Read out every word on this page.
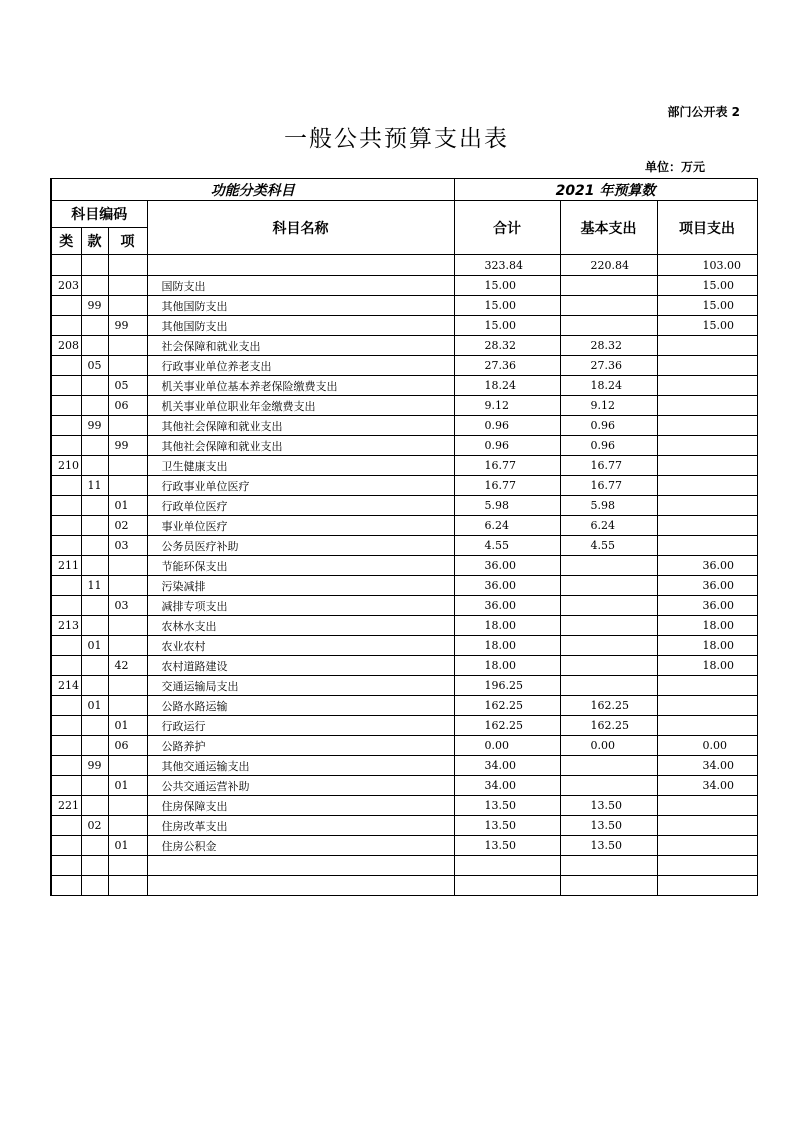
部门公开表 2
一般公共预算支出表
单位：万元
功能分类科目				2021 年预算数		
科目编码			科目名称	合计	基本支出	项目支出
类	款	项				
				323.84	220.84	103.00
203			国防支出	15.00		15.00
	99		其他国防支出	15.00		15.00
		99	其他国防支出	15.00		15.00
208			社会保障和就业支出	28.32	28.32	
	05		行政事业单位养老支出	27.36	27.36	
		05	机关事业单位基本养老保险缴费支出	18.24	18.24	
		06	机关事业单位职业年金缴费支出	9.12	9.12	
	99		其他社会保障和就业支出	0.96	0.96	
		99	其他社会保障和就业支出	0.96	0.96	
210			卫生健康支出	16.77	16.77	
	11		行政事业单位医疗	16.77	16.77	
		01	行政单位医疗	5.98	5.98	
		02	事业单位医疗	6.24	6.24	
		03	公务员医疗补助	4.55	4.55	
211			节能环保支出	36.00		36.00
	11		污染减排	36.00		36.00
		03	减排专项支出	36.00		36.00
213			农林水支出	18.00		18.00
	01		农业农村	18.00		18.00
		42	农村道路建设	18.00		18.00
214			交通运输局支出	196.25		
	01		公路水路运输	162.25	162.25	
		01	行政运行	162.25	162.25	
		06	公路养护	0.00	0.00	0.00
	99		其他交通运输支出	34.00		34.00
		01	公共交通运营补助	34.00		34.00
221			住房保障支出	13.50	13.50	
	02		住房改革支出	13.50	13.50	
		01	住房公积金	13.50	13.50	
